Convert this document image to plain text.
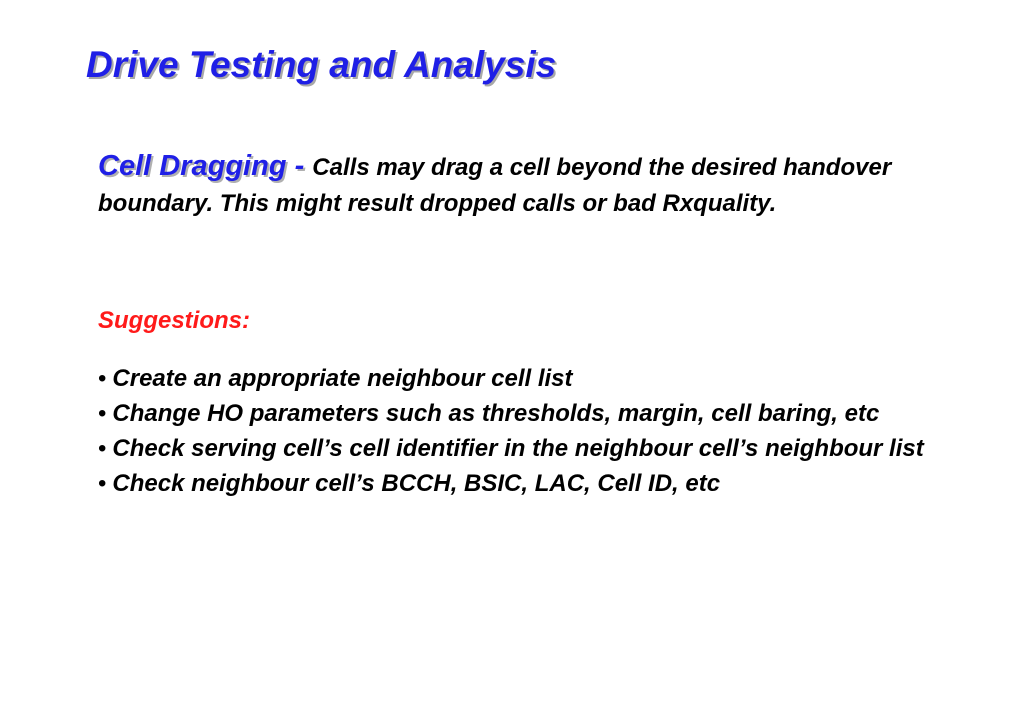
Drive Testing and Analysis

Cell Dragging - Calls may drag a cell beyond the desired handover boundary. This might result dropped calls or bad Rxquality.

Suggestions:

• Create an appropriate neighbour cell list
• Change HO parameters such as thresholds, margin, cell baring, etc
• Check serving cell’s cell identifier in the neighbour cell’s neighbour list
• Check neighbour cell’s BCCH, BSIC, LAC, Cell ID, etc
